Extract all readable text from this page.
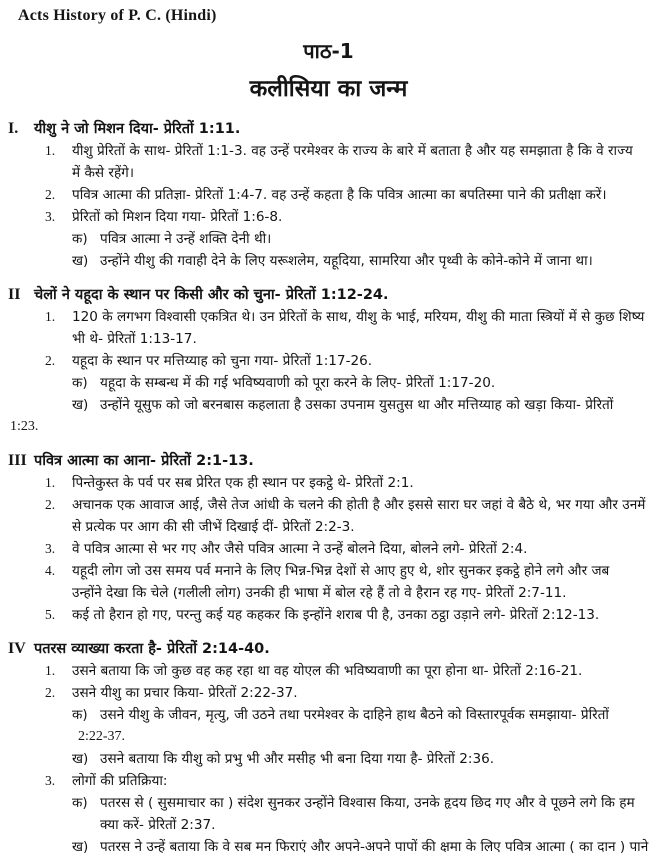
Acts History of P. C. (Hindi)
पाठ-1
कलीसिया का जन्म
I.	यीशु ने जो मिशन दिया- प्रेरितों 1:11.
1.	यीशु प्रेरितों के साथ- प्रेरितों 1:1-3. वह उन्हें परमेश्वर के राज्य के बारे में बताता है और यह समझाता है कि वे राज्य
में कैसे रहेंगे।
2.	पवित्र आत्मा की प्रतिज्ञा- प्रेरितों 1:4-7. वह उन्हें कहता है कि पवित्र आत्मा का बपतिस्मा पाने की प्रतीक्षा करें।
3.	प्रेरितों को मिशन दिया गया- प्रेरितों 1:6-8.
क) पवित्र आत्मा ने उन्हें शक्ति देनी थी।
ख) उन्होंने यीशु की गवाही देने के लिए यरूशलेम, यहूदिया, सामरिया और पृथ्वी के कोने-कोने में जाना था।
II चेलों ने यहूदा के स्थान पर किसी और को चुना- प्रेरितों 1:12-24.
1.	120 के लगभग विश्वासी एकत्रित थे। उन प्रेरितों के साथ, यीशु के भाई, मरियम, यीशु की माता स्त्रियों में से कुछ शिष्य
भी थे- प्रेरितों 1:13-17.
2.	यहूदा के स्थान पर मत्तिय्याह को चुना गया- प्रेरितों 1:17-26.
क) यहूदा के सम्बन्ध में की गई भविष्यवाणी को पूरा करने के लिए- प्रेरितों 1:17-20.
ख) उन्होंने यूसुफ को जो बरनबास कहलाता है उसका उपनाम युसतुस था और मत्तिय्याह को खड़ा किया- प्रेरितों
1:23.
III पवित्र आत्मा का आना- प्रेरितों 2:1-13.
1.	पिन्तेकुस्त के पर्व पर सब प्रेरित एक ही स्थान पर इकट्ठे थे- प्रेरितों 2:1.
2.	अचानक एक आवाज आई, जैसे तेज आंधी के चलने की होती है और इससे सारा घर जहां वे बैठे थे, भर गया और उनमें
से प्रत्येक पर आग की सी जीभें दिखाई दीं- प्रेरितों 2:2-3.
3.	वे पवित्र आत्मा से भर गए और जैसे पवित्र आत्मा ने उन्हें बोलने दिया, बोलने लगे- प्रेरितों 2:4.
4.	यहूदी लोग जो उस समय पर्व मनाने के लिए भिन्न-भिन्न देशों से आए हुए थे, शोर सुनकर इकट्ठे होने लगे और जब
उन्होंने देखा कि चेले (गलीली लोग) उनकी ही भाषा में बोल रहे हैं तो वे हैरान रह गए- प्रेरितों 2:7-11.
5.	कई तो हैरान हो गए, परन्तु कई यह कहकर कि इन्होंने शराब पी है, उनका ठट्ठा उड़ाने लगे- प्रेरितों 2:12-13.
IV पतरस व्याख्या करता है- प्रेरितों 2:14-40.
1.	उसने बताया कि जो कुछ वह कह रहा था वह योएल की भविष्यवाणी का पूरा होना था- प्रेरितों 2:16-21.
2.	उसने यीशु का प्रचार किया- प्रेरितों 2:22-37.
क) उसने यीशु के जीवन, मृत्यु, जी उठने तथा परमेश्वर के दाहिने हाथ बैठने को विस्तारपूर्वक समझाया- प्रेरितों
2:22-37.
ख) उसने बताया कि यीशु को प्रभु भी और मसीह भी बना दिया गया है- प्रेरितों 2:36.
3.	लोगों की प्रतिक्रिया:
क) पतरस से ( सुसमाचार का ) संदेश सुनकर उन्होंने विश्वास किया, उनके हृदय छिद गए और वे पूछने लगे कि हम
क्या करें- प्रेरितों 2:37.
ख) पतरस ने उन्हें बताया कि वे सब मन फिराएं और अपने-अपने पापों की क्षमा के लिए पवित्र आत्मा ( का दान ) पाने
